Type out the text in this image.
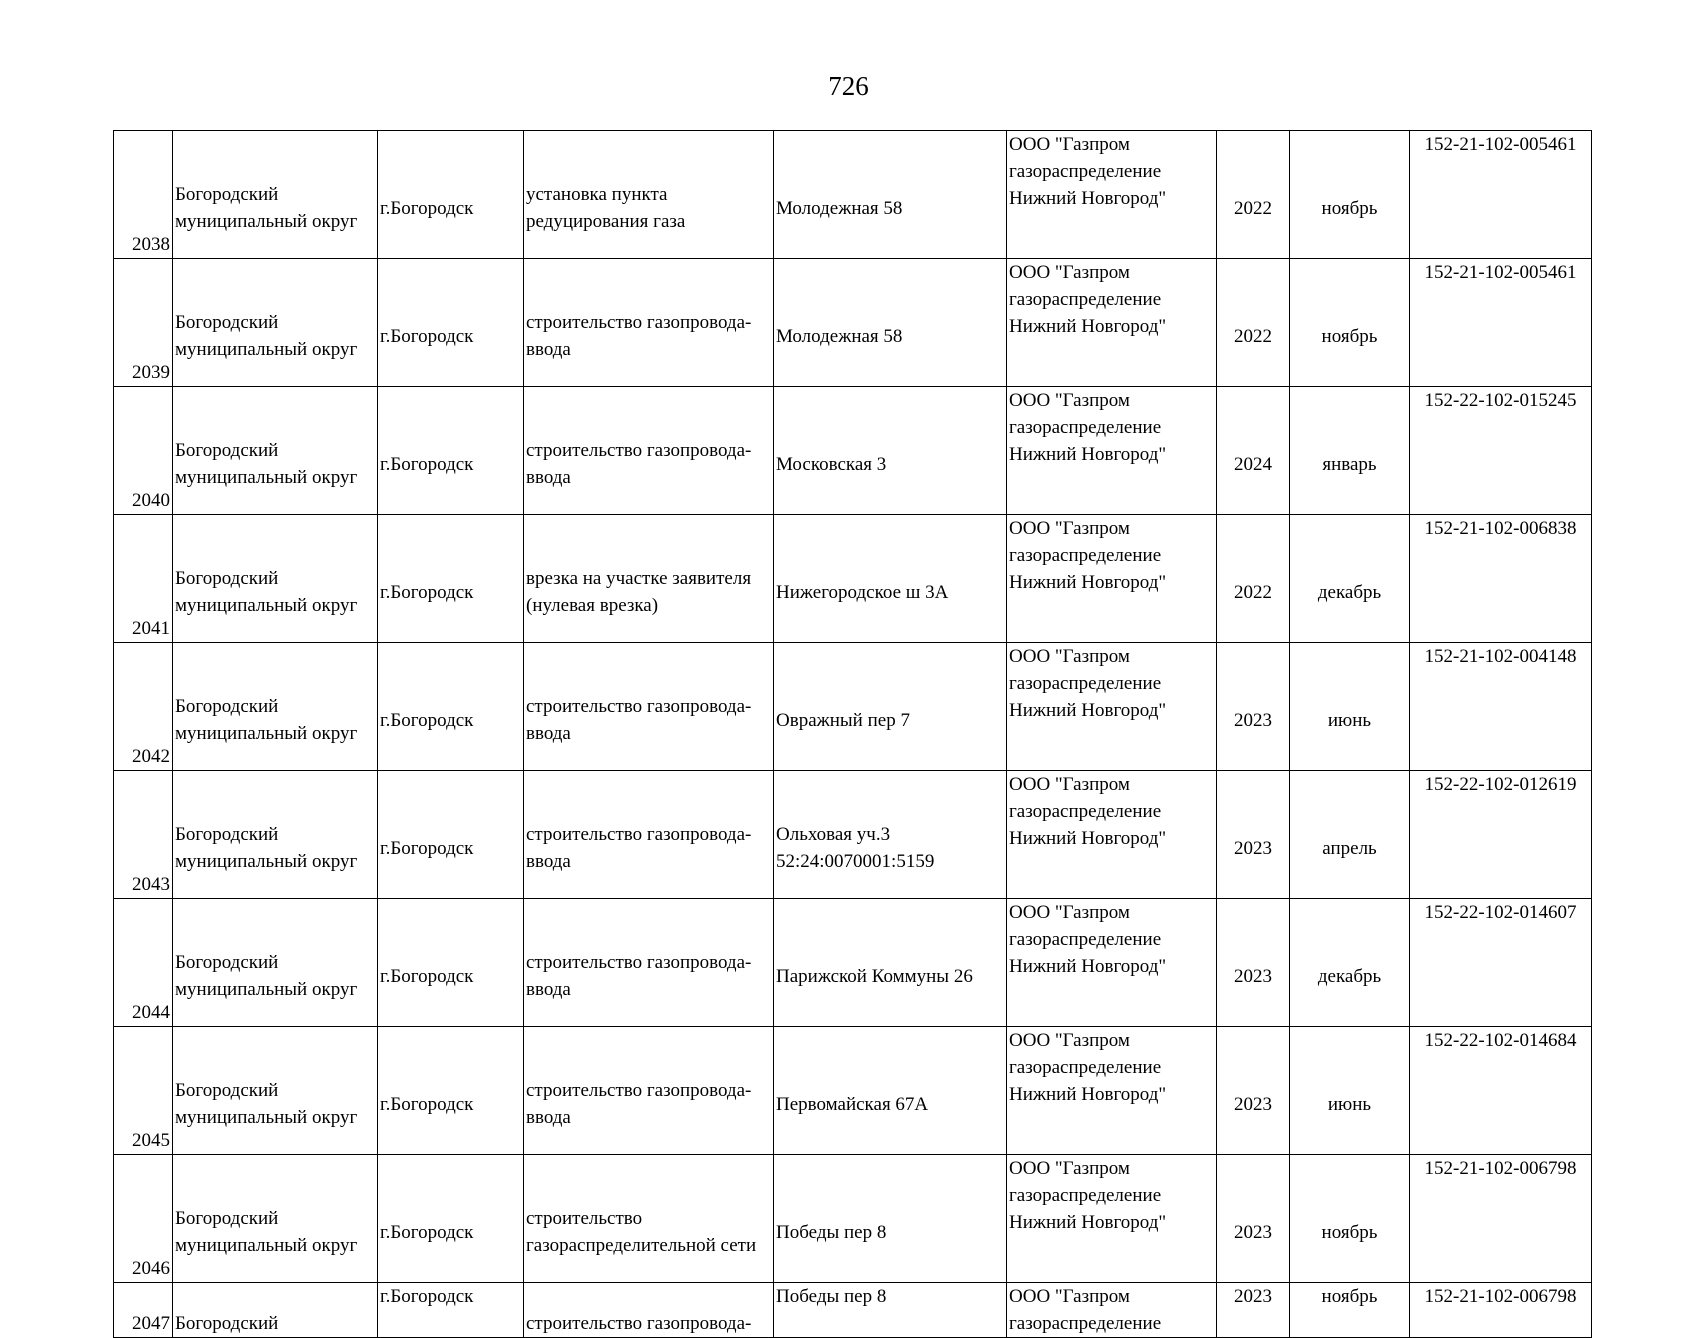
726
2038	Богородский
муниципальный округ	г.Богородск	установка пункта
редуцирования газа	Молодежная 58	ООО "Газпром
газораспределение
Нижний Новгород"	2022	ноябрь	152-21-102-005461

2039	Богородский
муниципальный округ	г.Богородск	строительство газопровода-
ввода	Молодежная 58	ООО "Газпром
газораспределение
Нижний Новгород"	2022	ноябрь	152-21-102-005461

2040	Богородский
муниципальный округ	г.Богородск	строительство газопровода-
ввода	Московская 3	ООО "Газпром
газораспределение
Нижний Новгород"	2024	январь	152-22-102-015245

2041	Богородский
муниципальный округ	г.Богородск	врезка на участке заявителя
(нулевая врезка)	Нижегородское ш 3А	ООО "Газпром
газораспределение
Нижний Новгород"	2022	декабрь	152-21-102-006838

2042	Богородский
муниципальный округ	г.Богородск	строительство газопровода-
ввода	Овражный пер 7	ООО "Газпром
газораспределение
Нижний Новгород"	2023	июнь	152-21-102-004148

2043	Богородский
муниципальный округ	г.Богородск	строительство газопровода-
ввода	Ольховая уч.3
52:24:0070001:5159	ООО "Газпром
газораспределение
Нижний Новгород"	2023	апрель	152-22-102-012619

2044	Богородский
муниципальный округ	г.Богородск	строительство газопровода-
ввода	Парижской Коммуны 26	ООО "Газпром
газораспределение
Нижний Новгород"	2023	декабрь	152-22-102-014607

2045	Богородский
муниципальный округ	г.Богородск	строительство газопровода-
ввода	Первомайская 67А	ООО "Газпром
газораспределение
Нижний Новгород"	2023	июнь	152-22-102-014684

2046	Богородский
муниципальный округ	г.Богородск	строительство
газораспределительной сети	Победы пер 8	ООО "Газпром
газораспределение
Нижний Новгород"	2023	ноябрь	152-21-102-006798

2047	Богородский	г.Богородск	строительство газопровода-	Победы пер 8	ООО "Газпром
газораспределение	2023	ноябрь	152-21-102-006798
